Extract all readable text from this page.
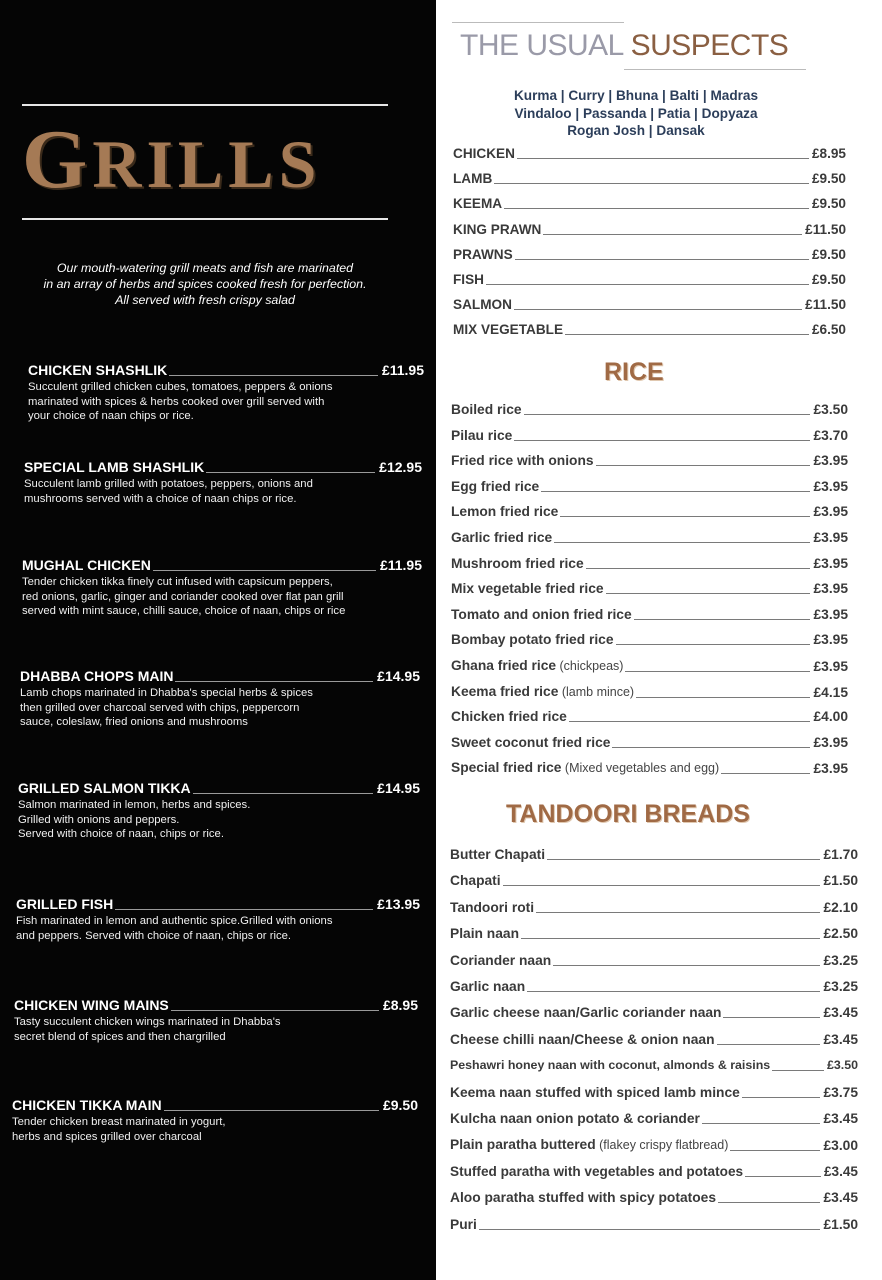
GRILLS
Our mouth-watering grill meats and fish are marinated
in an array of herbs and spices cooked fresh for perfection.
All served with fresh crispy salad
CHICKEN SHASHLIK	£11.95
Succulent grilled chicken cubes, tomatoes, peppers & onions
marinated with spices & herbs cooked over grill served with
your choice of naan chips or rice.
SPECIAL LAMB SHASHLIK	£12.95
Succulent lamb grilled with potatoes, peppers, onions and
mushrooms served with a choice of naan chips or rice.
MUGHAL CHICKEN	£11.95
Tender chicken tikka finely cut infused with capsicum peppers,
red onions, garlic, ginger and coriander cooked over flat pan grill
served with mint sauce, chilli sauce, choice of naan, chips or rice
DHABBA CHOPS MAIN	£14.95
Lamb chops marinated in Dhabba's special herbs & spices
then grilled over charcoal served with chips, peppercorn
sauce, coleslaw, fried onions and mushrooms
GRILLED SALMON TIKKA	£14.95
Salmon marinated in lemon, herbs and spices.
Grilled with onions and peppers.
Served with choice of naan, chips or rice.
GRILLED FISH	£13.95
Fish marinated in lemon and authentic spice.Grilled with onions
and peppers. Served with choice of naan, chips or rice.
CHICKEN WING MAINS	£8.95
Tasty succulent chicken wings marinated in Dhabba's
secret blend of spices and then chargrilled
CHICKEN TIKKA MAIN	£9.50
Tender chicken breast marinated in yogurt,
herbs and spices grilled over charcoal
THE USUAL SUSPECTS
Kurma | Curry | Bhuna | Balti | Madras
Vindaloo | Passanda | Patia | Dopyaza
Rogan Josh | Dansak
CHICKEN	£8.95
LAMB	£9.50
KEEMA	£9.50
KING PRAWN	£11.50
PRAWNS	£9.50
FISH	£9.50
SALMON	£11.50
MIX VEGETABLE	£6.50
RICE
Boiled rice	£3.50
Pilau rice	£3.70
Fried rice with onions	£3.95
Egg fried rice	£3.95
Lemon fried rice	£3.95
Garlic fried rice	£3.95
Mushroom fried rice	£3.95
Mix vegetable fried rice	£3.95
Tomato and onion fried rice	£3.95
Bombay potato fried rice	£3.95
Ghana fried rice (chickpeas)	£3.95
Keema fried rice (lamb mince)	£4.15
Chicken fried rice	£4.00
Sweet coconut fried rice	£3.95
Special fried rice (Mixed vegetables and egg)	£3.95
TANDOORI BREADS
Butter Chapati	£1.70
Chapati	£1.50
Tandoori roti	£2.10
Plain naan	£2.50
Coriander naan	£3.25
Garlic naan	£3.25
Garlic cheese naan/Garlic coriander naan	£3.45
Cheese chilli naan/Cheese & onion naan	£3.45
Peshawri honey naan with coconut, almonds & raisins	£3.50
Keema naan stuffed with spiced lamb mince	£3.75
Kulcha naan onion potato & coriander	£3.45
Plain paratha buttered (flakey crispy flatbread)	£3.00
Stuffed paratha with vegetables and potatoes	£3.45
Aloo paratha stuffed with spicy potatoes	£3.45
Puri	£1.50
